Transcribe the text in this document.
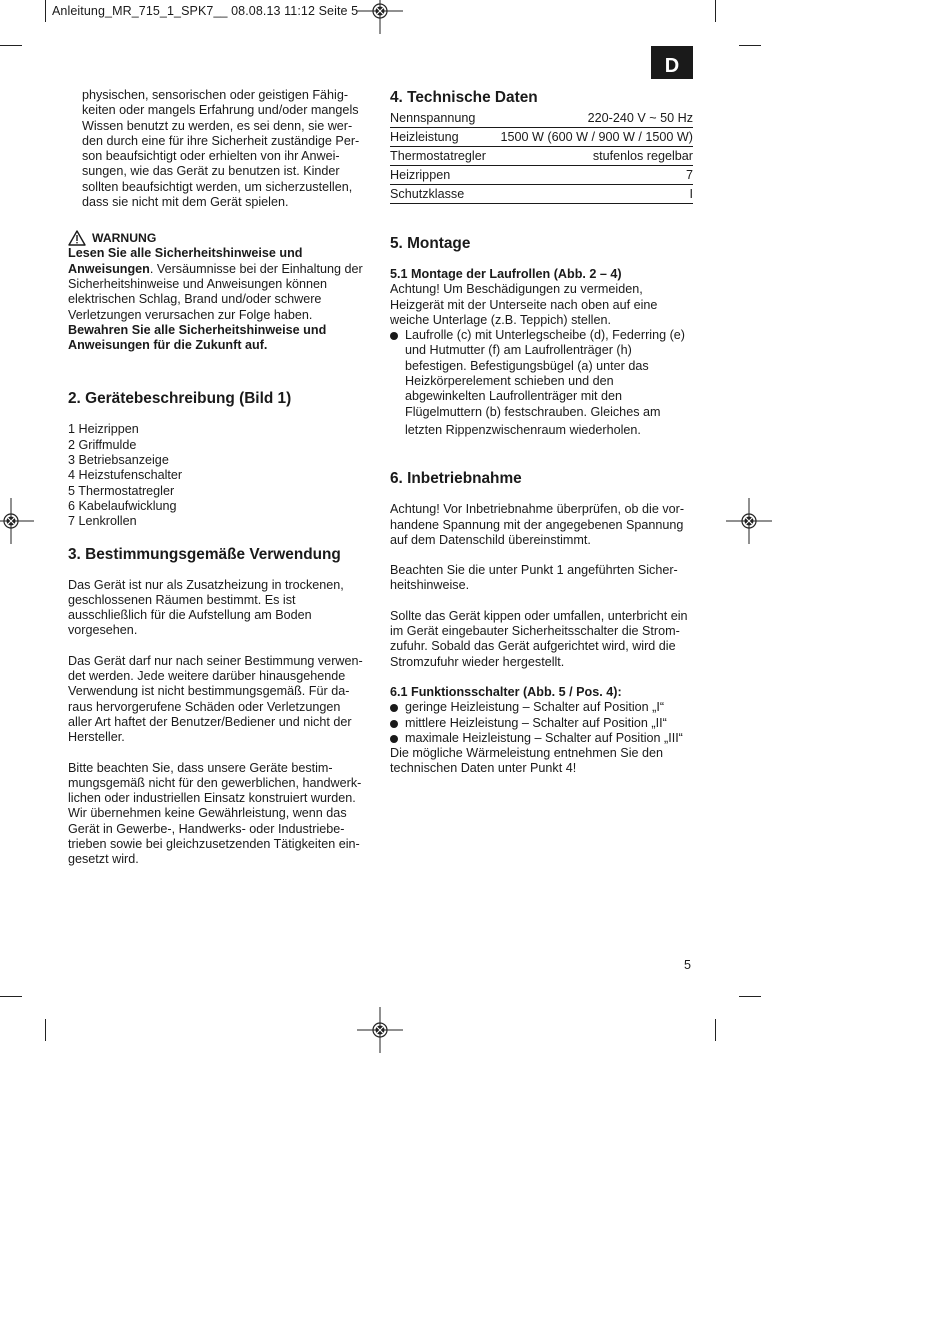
Anleitung_MR_715_1_SPK7__ 08.08.13 11:12 Seite 5
D

physischen, sensorischen oder geistigen Fähig-

keiten oder mangels Erfahrung und/oder mangels

Wissen benutzt zu werden, es sei denn, sie wer-

den durch eine für ihre Sicherheit zuständige Per-

son beaufsichtigt oder erhielten von ihr Anwei-

sungen, wie das Gerät zu benutzen ist. Kinder

sollten beaufsichtigt werden, um sicherzustellen,

dass sie nicht mit dem Gerät spielen.

WARNUNG

Lesen Sie alle Sicherheitshinweise und

Anweisungen. Versäumnisse bei der Einhaltung der

Sicherheitshinweise und Anweisungen können

elektrischen Schlag, Brand und/oder schwere

Verletzungen verursachen zur Folge haben.

Bewahren Sie alle Sicherheitshinweise und

Anweisungen für die Zukunft auf.

2. Gerätebeschreibung (Bild 1)

1 Heizrippen

2 Griffmulde

3 Betriebsanzeige

4 Heizstufenschalter

5 Thermostatregler

6 Kabelaufwicklung

7 Lenkrollen

3. Bestimmungsgemäße Verwendung

Das Gerät ist nur als Zusatzheizung in trockenen,

geschlossenen Räumen bestimmt. Es ist

ausschließlich für die Aufstellung am Boden

vorgesehen.

Das Gerät darf nur nach seiner Bestimmung verwen-

det werden. Jede weitere darüber hinausgehende

Verwendung ist nicht bestimmungsgemäß. Für da-

raus hervorgerufene Schäden oder Verletzungen

aller Art haftet der Benutzer/Bediener und nicht der

Hersteller.

Bitte beachten Sie, dass unsere Geräte bestim-

mungsgemäß nicht für den gewerblichen, handwerk-

lichen oder industriellen Einsatz konstruiert wurden.

Wir übernehmen keine Gewährleistung, wenn das

Gerät in Gewerbe-, Handwerks- oder Industriebe-

trieben sowie bei gleichzusetzenden Tätigkeiten ein-

gesetzt wird.

4. Technische Daten
Nennspannung	220-240 V ~ 50 Hz
Heizleistung	1500 W (600 W / 900 W / 1500 W)
Thermostatregler	stufenlos regelbar
Heizrippen	7
Schutzklasse	I
5. Montage
5.1 Montage der Laufrollen (Abb. 2 – 4)

Achtung! Um Beschädigungen zu vermeiden,

Heizgerät mit der Unterseite nach oben auf eine

weiche Unterlage (z.B. Teppich) stellen.

Laufrolle (c) mit Unterlegscheibe (d), Federring (e)

und Hutmutter (f) am Laufrollenträger (h)

befestigen. Befestigungsbügel (a) unter das

Heizkörperelement schieben und den

abgewinkelten Laufrollenträger mit den

Flügelmuttern (b) festschrauben. Gleiches am

letzten Rippenzwischenraum wiederholen.

6. Inbetriebnahme

Achtung! Vor Inbetriebnahme überprüfen, ob die vor-

handene Spannung mit der angegebenen Spannung

auf dem Datenschild übereinstimmt.

Beachten Sie die unter Punkt 1 angeführten Sicher-

heitshinweise.

Sollte das Gerät kippen oder umfallen, unterbricht ein

im Gerät eingebauter Sicherheitsschalter die Strom-

zufuhr. Sobald das Gerät aufgerichtet wird, wird die

Stromzufuhr wieder hergestellt.

6.1 Funktionsschalter (Abb. 5 / Pos. 4):

geringe Heizleistung – Schalter auf Position „I“

mittlere Heizleistung – Schalter auf Position „II“

maximale Heizleistung – Schalter auf Position „III“

Die mögliche Wärmeleistung entnehmen Sie den

technischen Daten unter Punkt 4!

5
